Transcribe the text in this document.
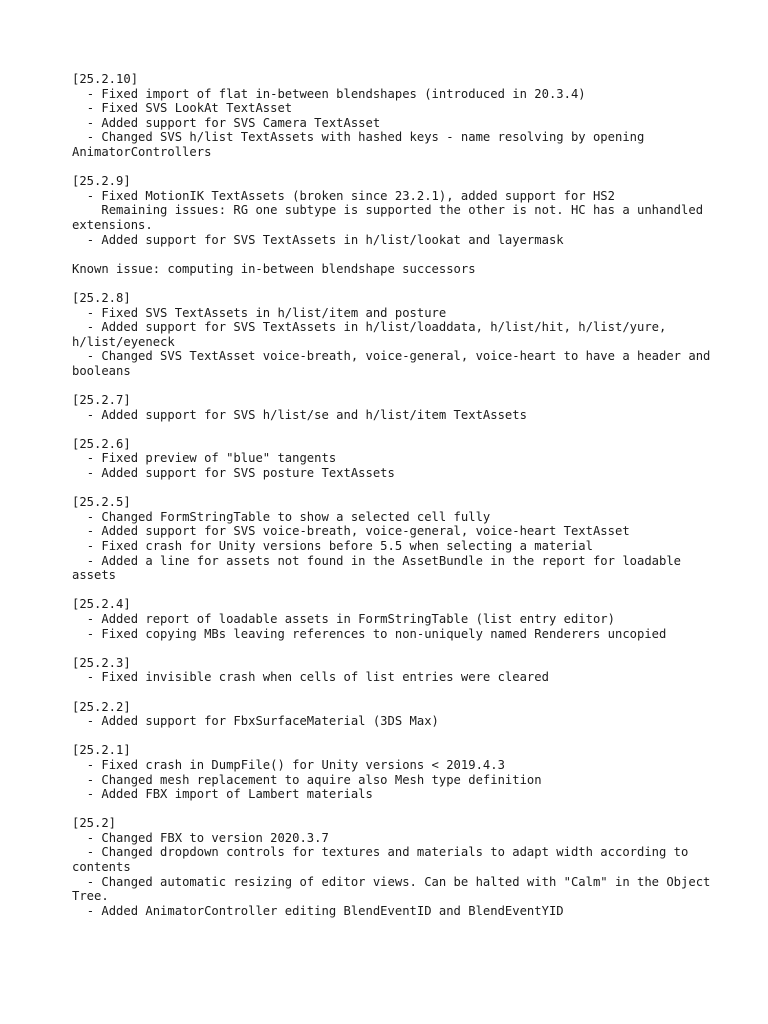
[25.2.10]
- Fixed import of flat in-between blendshapes (introduced in 20.3.4)
- Fixed SVS LookAt TextAsset
- Added support for SVS Camera TextAsset
- Changed SVS h/list TextAssets with hashed keys - name resolving by opening AnimatorControllers
[25.2.9]
- Fixed MotionIK TextAssets (broken since 23.2.1), added support for HS2
Remaining issues: RG one subtype is supported the other is not. HC has a unhandled extensions.
- Added support for SVS TextAssets in h/list/lookat and layermask
Known issue: computing in-between blendshape successors
[25.2.8]
- Fixed SVS TextAssets in h/list/item and posture
- Added support for SVS TextAssets in h/list/loaddata, h/list/hit, h/list/yure, h/list/eyeneck
- Changed SVS TextAsset voice-breath, voice-general, voice-heart to have a header and booleans
[25.2.7]
- Added support for SVS h/list/se and h/list/item TextAssets
[25.2.6]
- Fixed preview of "blue" tangents
- Added support for SVS posture TextAssets
[25.2.5]
- Changed FormStringTable to show a selected cell fully
- Added support for SVS voice-breath, voice-general, voice-heart TextAsset
- Fixed crash for Unity versions before 5.5 when selecting a material
- Added a line for assets not found in the AssetBundle in the report for loadable assets
[25.2.4]
- Added report of loadable assets in FormStringTable (list entry editor)
- Fixed copying MBs leaving references to non-uniquely named Renderers uncopied
[25.2.3]
- Fixed invisible crash when cells of list entries were cleared
[25.2.2]
- Added support for FbxSurfaceMaterial (3DS Max)
[25.2.1]
- Fixed crash in DumpFile() for Unity versions < 2019.4.3
- Changed mesh replacement to aquire also Mesh type definition
- Added FBX import of Lambert materials
[25.2]
- Changed FBX to version 2020.3.7
- Changed dropdown controls for textures and materials to adapt width according to contents
- Changed automatic resizing of editor views. Can be halted with "Calm" in the Object Tree.
- Added AnimatorController editing BlendEventID and BlendEventYID
